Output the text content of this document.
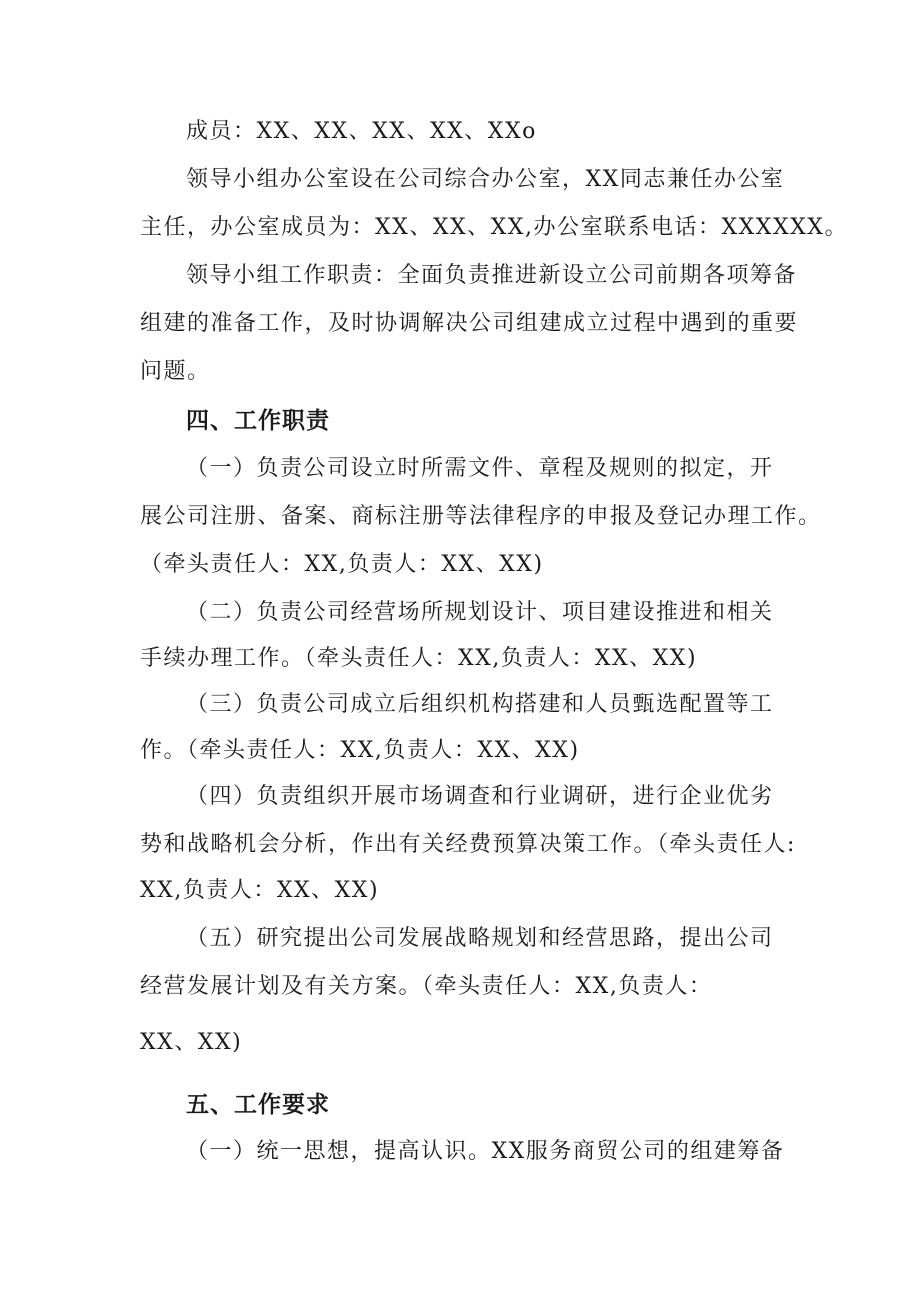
成员：XX、XX、XX、XX、XXo
领导小组办公室设在公司综合办公室，XX同志兼任办公室
主任，办公室成员为：XX、XX、XX,办公室联系电话：XXXXXX。
领导小组工作职责：全面负责推进新设立公司前期各项筹备
组建的准备工作，及时协调解决公司组建成立过程中遇到的重要
问题。
四、工作职责
（一）负责公司设立时所需文件、章程及规则的拟定，开
展公司注册、备案、商标注册等法律程序的申报及登记办理工作。
（牵头责任人：XX,负责人：XX、XX)
（二）负责公司经营场所规划设计、项目建设推进和相关
手续办理工作。（牵头责任人：XX,负责人：XX、XX)
（三）负责公司成立后组织机构搭建和人员甄选配置等工
作。（牵头责任人：XX,负责人：XX、XX)
（四）负责组织开展市场调查和行业调研，进行企业优劣
势和战略机会分析，作出有关经费预算决策工作。（牵头责任人:
XX,负责人：XX、XX)
（五）研究提出公司发展战略规划和经营思路，提出公司
经营发展计划及有关方案。（牵头责任人：XX,负责人：
XX、XX)
五、工作要求
（一）统一思想，提高认识。XX服务商贸公司的组建筹备
